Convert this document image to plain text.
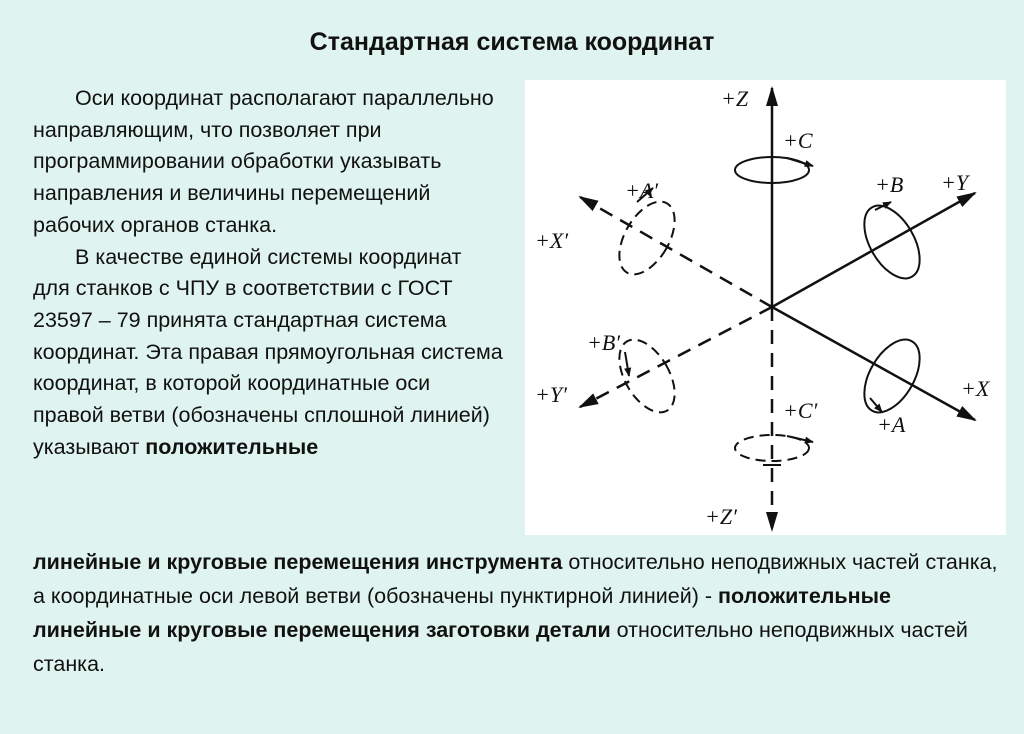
Стандартная система координат

Оси координат располагают параллельно направляющим, что позволяет при программировании обработки указывать направления и величины перемещений рабочих органов станка.

В качестве единой системы координат для станков с ЧПУ в соответствии с ГОСТ 23597 – 79 принята стандартная система координат. Эта правая прямоугольная система координат, в которой координатные оси правой ветви (обозначены сплошной линией) указывают положительные

линейные и круговые перемещения инструмента относительно неподвижных частей станка, а координатные оси левой ветви (обозначены пунктирной линией) - положительные линейные и круговые перемещения заготовки детали относительно неподвижных частей станка.
+Z
+C
+A′	+B +Y
+X′
+B′
+Y′
+C′
+X
+A
+Z′
